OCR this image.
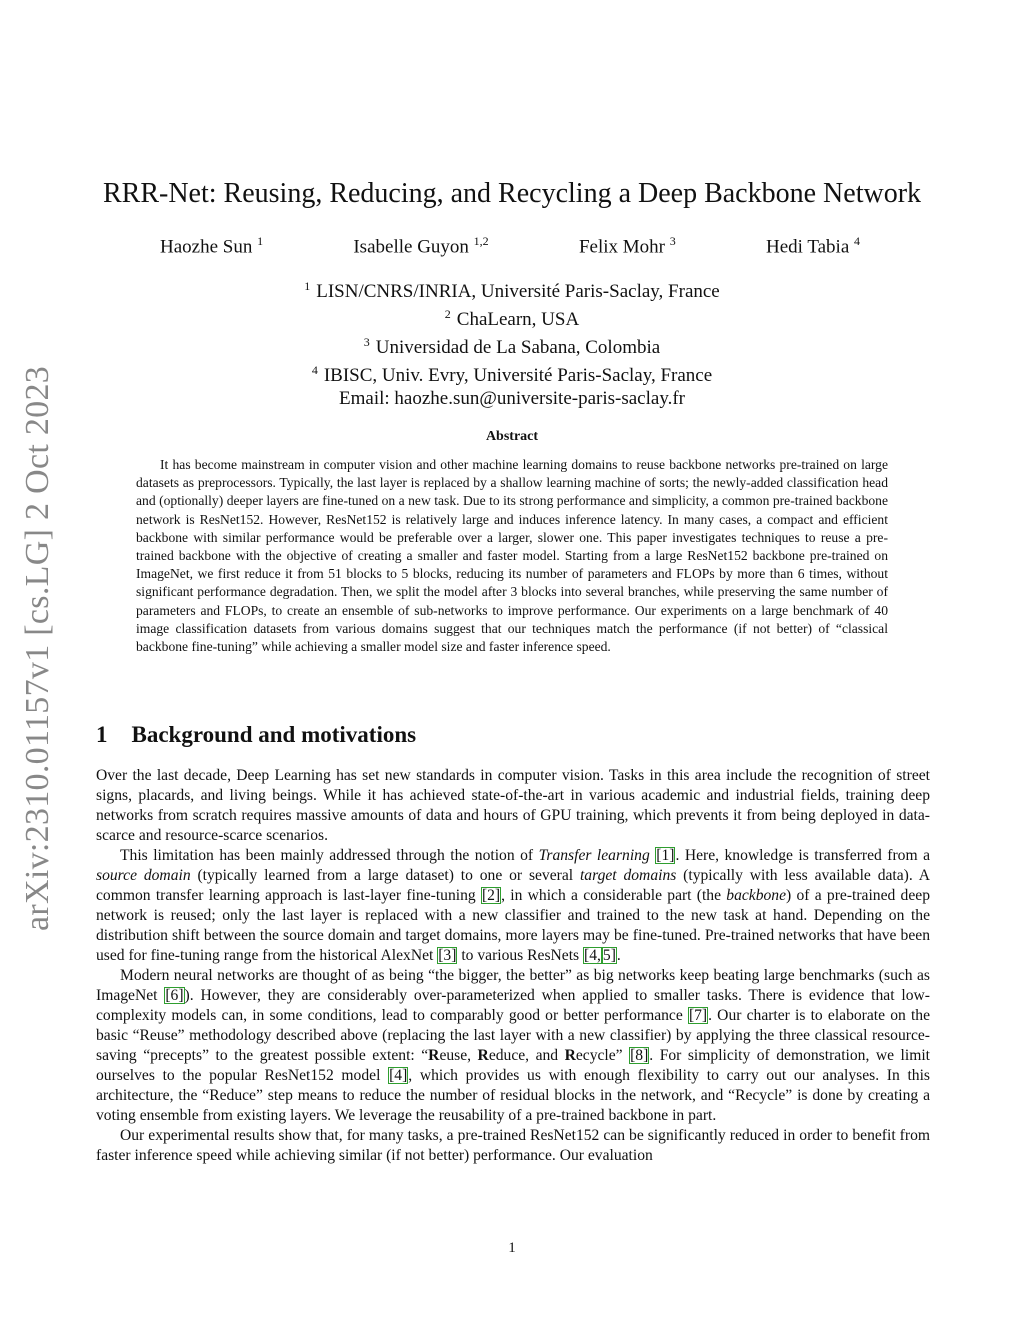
arXiv:2310.01157v1 [cs.LG] 2 Oct 2023
RRR-Net: Reusing, Reducing, and Recycling a Deep Backbone Network
Haozhe Sun $^1$	Isabelle Guyon $^{1,2}$	Felix Mohr $^3$	Hedi Tabia $^4$
$^1$ LISN/CNRS/INRIA, Université Paris-Saclay, France
$^2$ ChaLearn, USA
$^3$ Universidad de La Sabana, Colombia
$^4$ IBISC, Univ. Evry, Université Paris-Saclay, France
Email: haozhe.sun@universite-paris-saclay.fr
Abstract

It has become mainstream in computer vision and other machine learning domains to reuse backbone networks pre-trained on large datasets as preprocessors. Typically, the last layer is replaced by a shallow learning machine of sorts; the newly-added classification head and (optionally) deeper layers are fine-tuned on a new task. Due to its strong performance and simplicity, a common pre-trained backbone network is ResNet152. However, ResNet152 is relatively large and induces inference latency. In many cases, a compact and efficient backbone with similar performance would be preferable over a larger, slower one. This paper investigates techniques to reuse a pre-trained backbone with the objective of creating a smaller and faster model. Starting from a large ResNet152 backbone pre-trained on ImageNet, we first reduce it from 51 blocks to 5 blocks, reducing its number of parameters and FLOPs by more than 6 times, without significant performance degradation. Then, we split the model after 3 blocks into several branches, while preserving the same number of parameters and FLOPs, to create an ensemble of sub-networks to improve performance. Our experiments on a large benchmark of 40 image classification datasets from various domains suggest that our techniques match the performance (if not better) of “classical backbone fine-tuning” while achieving a smaller model size and faster inference speed.

1 Background and motivations

Over the last decade, Deep Learning has set new standards in computer vision. Tasks in this area include the recognition of street signs, placards, and living beings. While it has achieved state-of-the-art in various academic and industrial fields, training deep networks from scratch requires massive amounts of data and hours of GPU training, which prevents it from being deployed in data-scarce and resource-scarce scenarios.

This limitation has been mainly addressed through the notion of Transfer learning [1]. Here, knowledge is transferred from a source domain (typically learned from a large dataset) to one or several target domains (typically with less available data). A common transfer learning approach is last-layer fine-tuning [2], in which a considerable part (the backbone) of a pre-trained deep network is reused; only the last layer is replaced with a new classifier and trained to the new task at hand. Depending on the distribution shift between the source domain and target domains, more layers may be fine-tuned. Pre-trained networks that have been used for fine-tuning range from the historical AlexNet [3] to various ResNets [4, 5].

Modern neural networks are thought of as being “the bigger, the better” as big networks keep beating large benchmarks (such as ImageNet [6]). However, they are considerably over-parameterized when applied to smaller tasks. There is evidence that low-complexity models can, in some conditions, lead to comparably good or better performance [7]. Our charter is to elaborate on the basic “Reuse” methodology described above (replacing the last layer with a new classifier) by applying the three classical resource-saving “precepts” to the greatest possible extent: “Reuse, Reduce, and Recycle” [8]. For simplicity of demonstration, we limit ourselves to the popular ResNet152 model [4], which provides us with enough flexibility to carry out our analyses. In this architecture, the “Reduce” step means to reduce the number of residual blocks in the network, and “Recycle” is done by creating a voting ensemble from existing layers. We leverage the reusability of a pre-trained backbone in part.

Our experimental results show that, for many tasks, a pre-trained ResNet152 can be significantly reduced in order to benefit from faster inference speed while achieving similar (if not better) performance. Our evaluation

1
